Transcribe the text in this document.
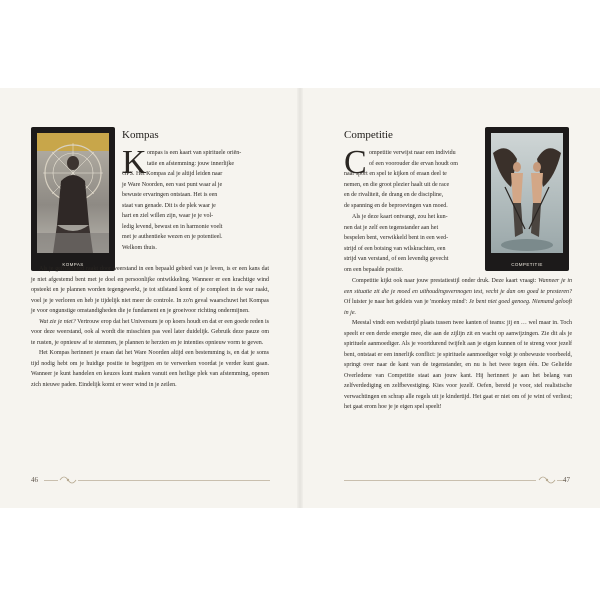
KOMPAS
Kompas
K ompas is een kaart van spirituele oriën-
tatie en afstemming: jouw innerlijke
GPS. Het Kompas zal je altijd leiden naar
je Ware Noorden, een vast punt waar al je
bewuste ervaringen ontstaan. Het is een
staat van genade. Dit is de plek waar je
hart en ziel willen zijn, waar je je vol-
ledig levend, bewust en in harmonie voelt
met je authentieke wezen en je potentieel.
Welkom thuis.

Als je gefrustreerd raakt door weerstand in een bepaald gebied van je leven, is er een kans dat je niet afgestemd bent met je doel en persoonlijke ontwikkeling. Wanneer er een krachtige wind opsteekt en je plannen worden tegengewerkt, je tot stilstand komt of je compleet in de war raakt, voel je je verloren en heb je tijdelijk niet meer de controle. In zo'n geval waarschuwt het Kompas je voor ongunstige omstandigheden die je fundament en je groeivoor richting ondermijnen.

Wat zie je niet? Vertrouw erop dat het Universum je op koers houdt en dat er een goede reden is voor deze weerstand, ook al wordt die misschien pas veel later duidelijk. Gebruik deze pauze om te rusten, je opnieuw af te stemmen, je plannen te herzien en je intenties opnieuw vorm te geven.

Het Kompas herinnert je eraan dat het Ware Noorden altijd een bestemming is, en dat je soms tijd nodig hebt om je huidige positie te begrijpen en te verwerken voordat je verder kunt gaan. Wanneer je kunt handelen en keuzes kunt maken vanuit een heilige plek van afstemming, openen zich nieuwe paden. Eindelijk komt er weer wind in je zeilen.

46
COMPETITIE
Competitie
C ompetitie verwijst naar een individu
of een voorouder die ervan houdt om
naar sport en spel te kijken of eraan deel te
nemen, en die groot plezier haalt uit de race
en de rivaliteit, de drang en de discipline,
de spanning en de beproevingen van moed.
Als je deze kaart ontvangt, zou het kun-
nen dat je zelf een tegenstander aan het
bespelen bent, verwikkeld bent in een wed-
strijd of een botsing van wilskrachten, een
strijd van verstand, of een levendig gevecht
om een bepaalde positie.

Competitie kijkt ook naar jouw prestatiestijl onder druk. Deze kaart vraagt: Wanneer je in een situatie zit die je moed en uithoudingsvermogen test, vecht je dan om goed te presteren? Of luister je naar het geklets van je 'monkey mind': Je bent niet goed genoeg. Niemand gelooft in je.

Meestal vindt een wedstrijd plaats tussen twee kanten of teams: jij en … wel maar in. Toch speelt er een derde energie mee, die aan de zijlijn zit en wacht op aanwijzingen. Zie dit als je spirituele aanmoediger. Als je voortdurend twijfelt aan je eigen kunnen of te streng voor jezelf bent, ontstaat er een innerlijk conflict: je spirituele aanmoediger volgt je onbewuste voorbeeld, springt over naar de kant van de tegenstander, en nu is het twee tegen één. De Geliefde Overledene van Competitie staat aan jouw kant. Hij herinnert je aan het belang van zelfverdediging en zelfbevestiging. Kies voor jezelf. Oefen, bereid je voor, stel realistische verwachtingen en schrap alle regels uit je kindertijd. Het gaat er niet om of je wint of verliest; het gaat erom hoe je je eigen spel speelt!

47
